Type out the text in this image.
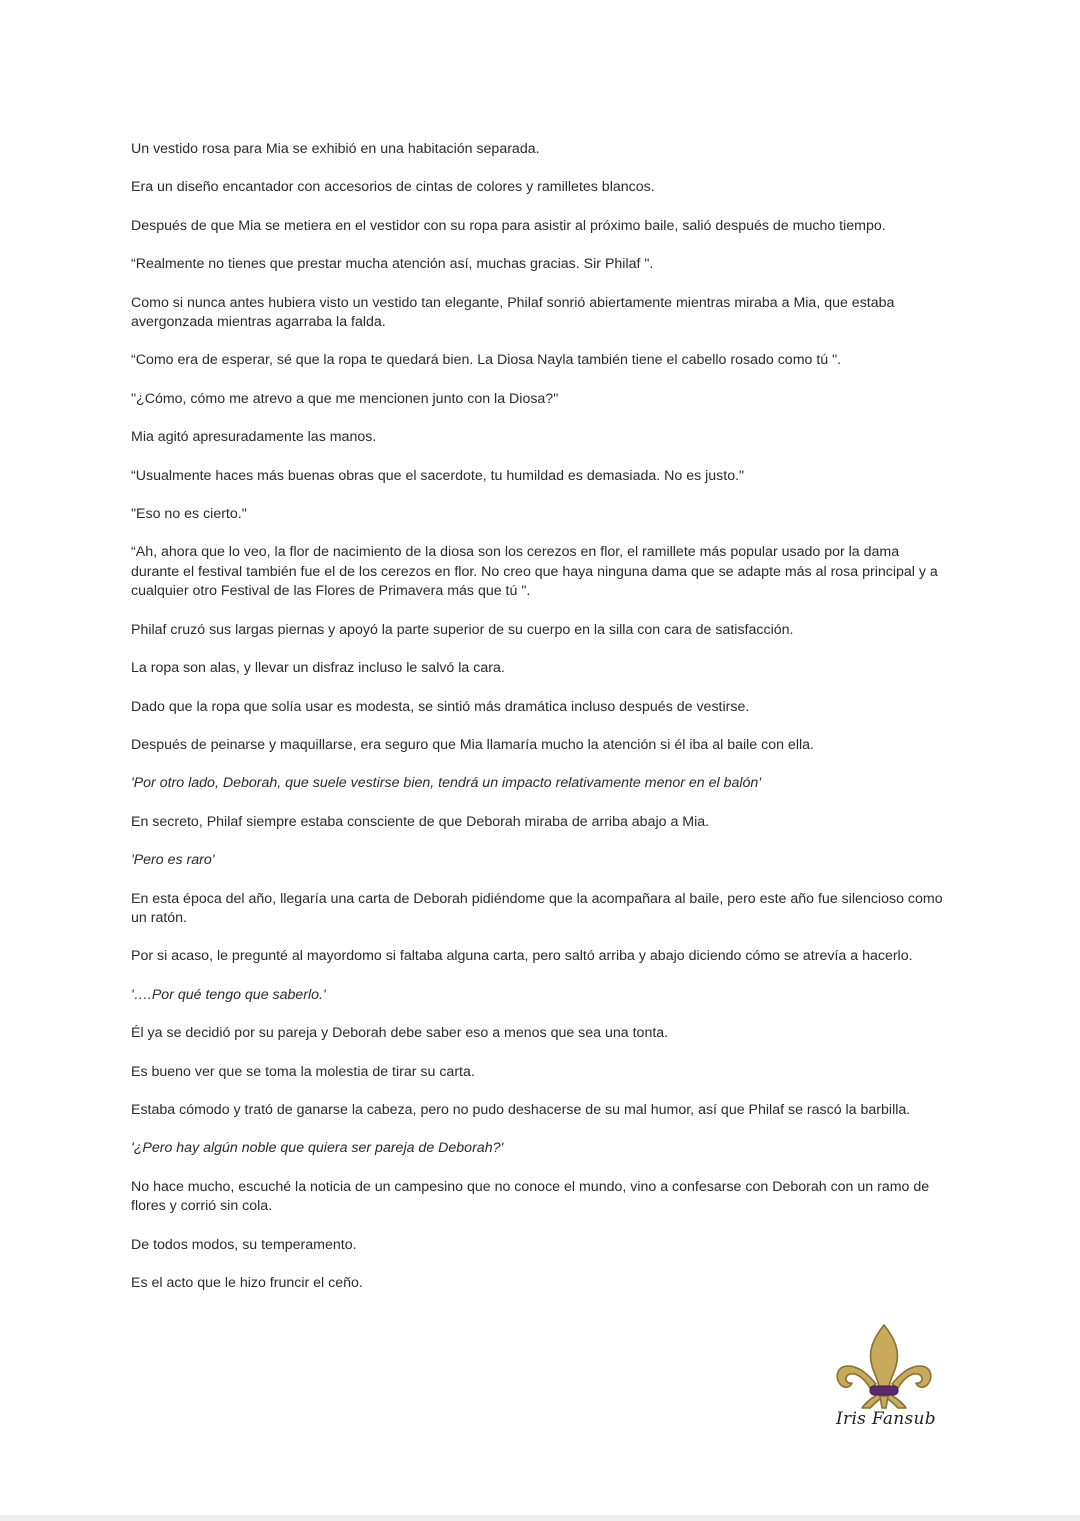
Un vestido rosa para Mia se exhibió en una habitación separada.

Era un diseño encantador con accesorios de cintas de colores y ramilletes blancos.

Después de que Mia se metiera en el vestidor con su ropa para asistir al próximo baile, salió después de mucho tiempo.

“Realmente no tienes que prestar mucha atención así, muchas gracias. Sir Philaf ".

Como si nunca antes hubiera visto un vestido tan elegante, Philaf sonrió abiertamente mientras miraba a Mia, que estaba avergonzada mientras agarraba la falda.

“Como era de esperar, sé que la ropa te quedará bien. La Diosa Nayla también tiene el cabello rosado como tú ".

"¿Cómo, cómo me atrevo a que me mencionen junto con la Diosa?"

Mia agitó apresuradamente las manos.

“Usualmente haces más buenas obras que el sacerdote, tu humildad es demasiada. No es justo."

"Eso no es cierto."

“Ah, ahora que lo veo, la flor de nacimiento de la diosa son los cerezos en flor, el ramillete más popular usado por la dama durante el festival también fue el de los cerezos en flor. No creo que haya ninguna dama que se adapte más al rosa principal y a cualquier otro Festival de las Flores de Primavera más que tú ".

Philaf cruzó sus largas piernas y apoyó la parte superior de su cuerpo en la silla con cara de satisfacción.

La ropa son alas, y llevar un disfraz incluso le salvó la cara.

Dado que la ropa que solía usar es modesta, se sintió más dramática incluso después de vestirse.

Después de peinarse y maquillarse, era seguro que Mia llamaría mucho la atención si él iba al baile con ella.

'Por otro lado, Deborah, que suele vestirse bien, tendrá un impacto relativamente menor en el balón'

En secreto, Philaf siempre estaba consciente de que Deborah miraba de arriba abajo a Mia.

'Pero es raro'

En esta época del año, llegaría una carta de Deborah pidiéndome que la acompañara al baile, pero este año fue silencioso como un ratón.

Por si acaso, le pregunté al mayordomo si faltaba alguna carta, pero saltó arriba y abajo diciendo cómo se atrevía a hacerlo.

'….Por qué tengo que saberlo.'

Él ya se decidió por su pareja y Deborah debe saber eso a menos que sea una tonta.

Es bueno ver que se toma la molestia de tirar su carta.

Estaba cómodo y trató de ganarse la cabeza, pero no pudo deshacerse de su mal humor, así que Philaf se rascó la barbilla.

'¿Pero hay algún noble que quiera ser pareja de Deborah?'

No hace mucho, escuché la noticia de un campesino que no conoce el mundo, vino a confesarse con Deborah con un ramo de flores y corrió sin cola.

De todos modos, su temperamento.

Es el acto que le hizo fruncir el ceño.

Iris Fansub
